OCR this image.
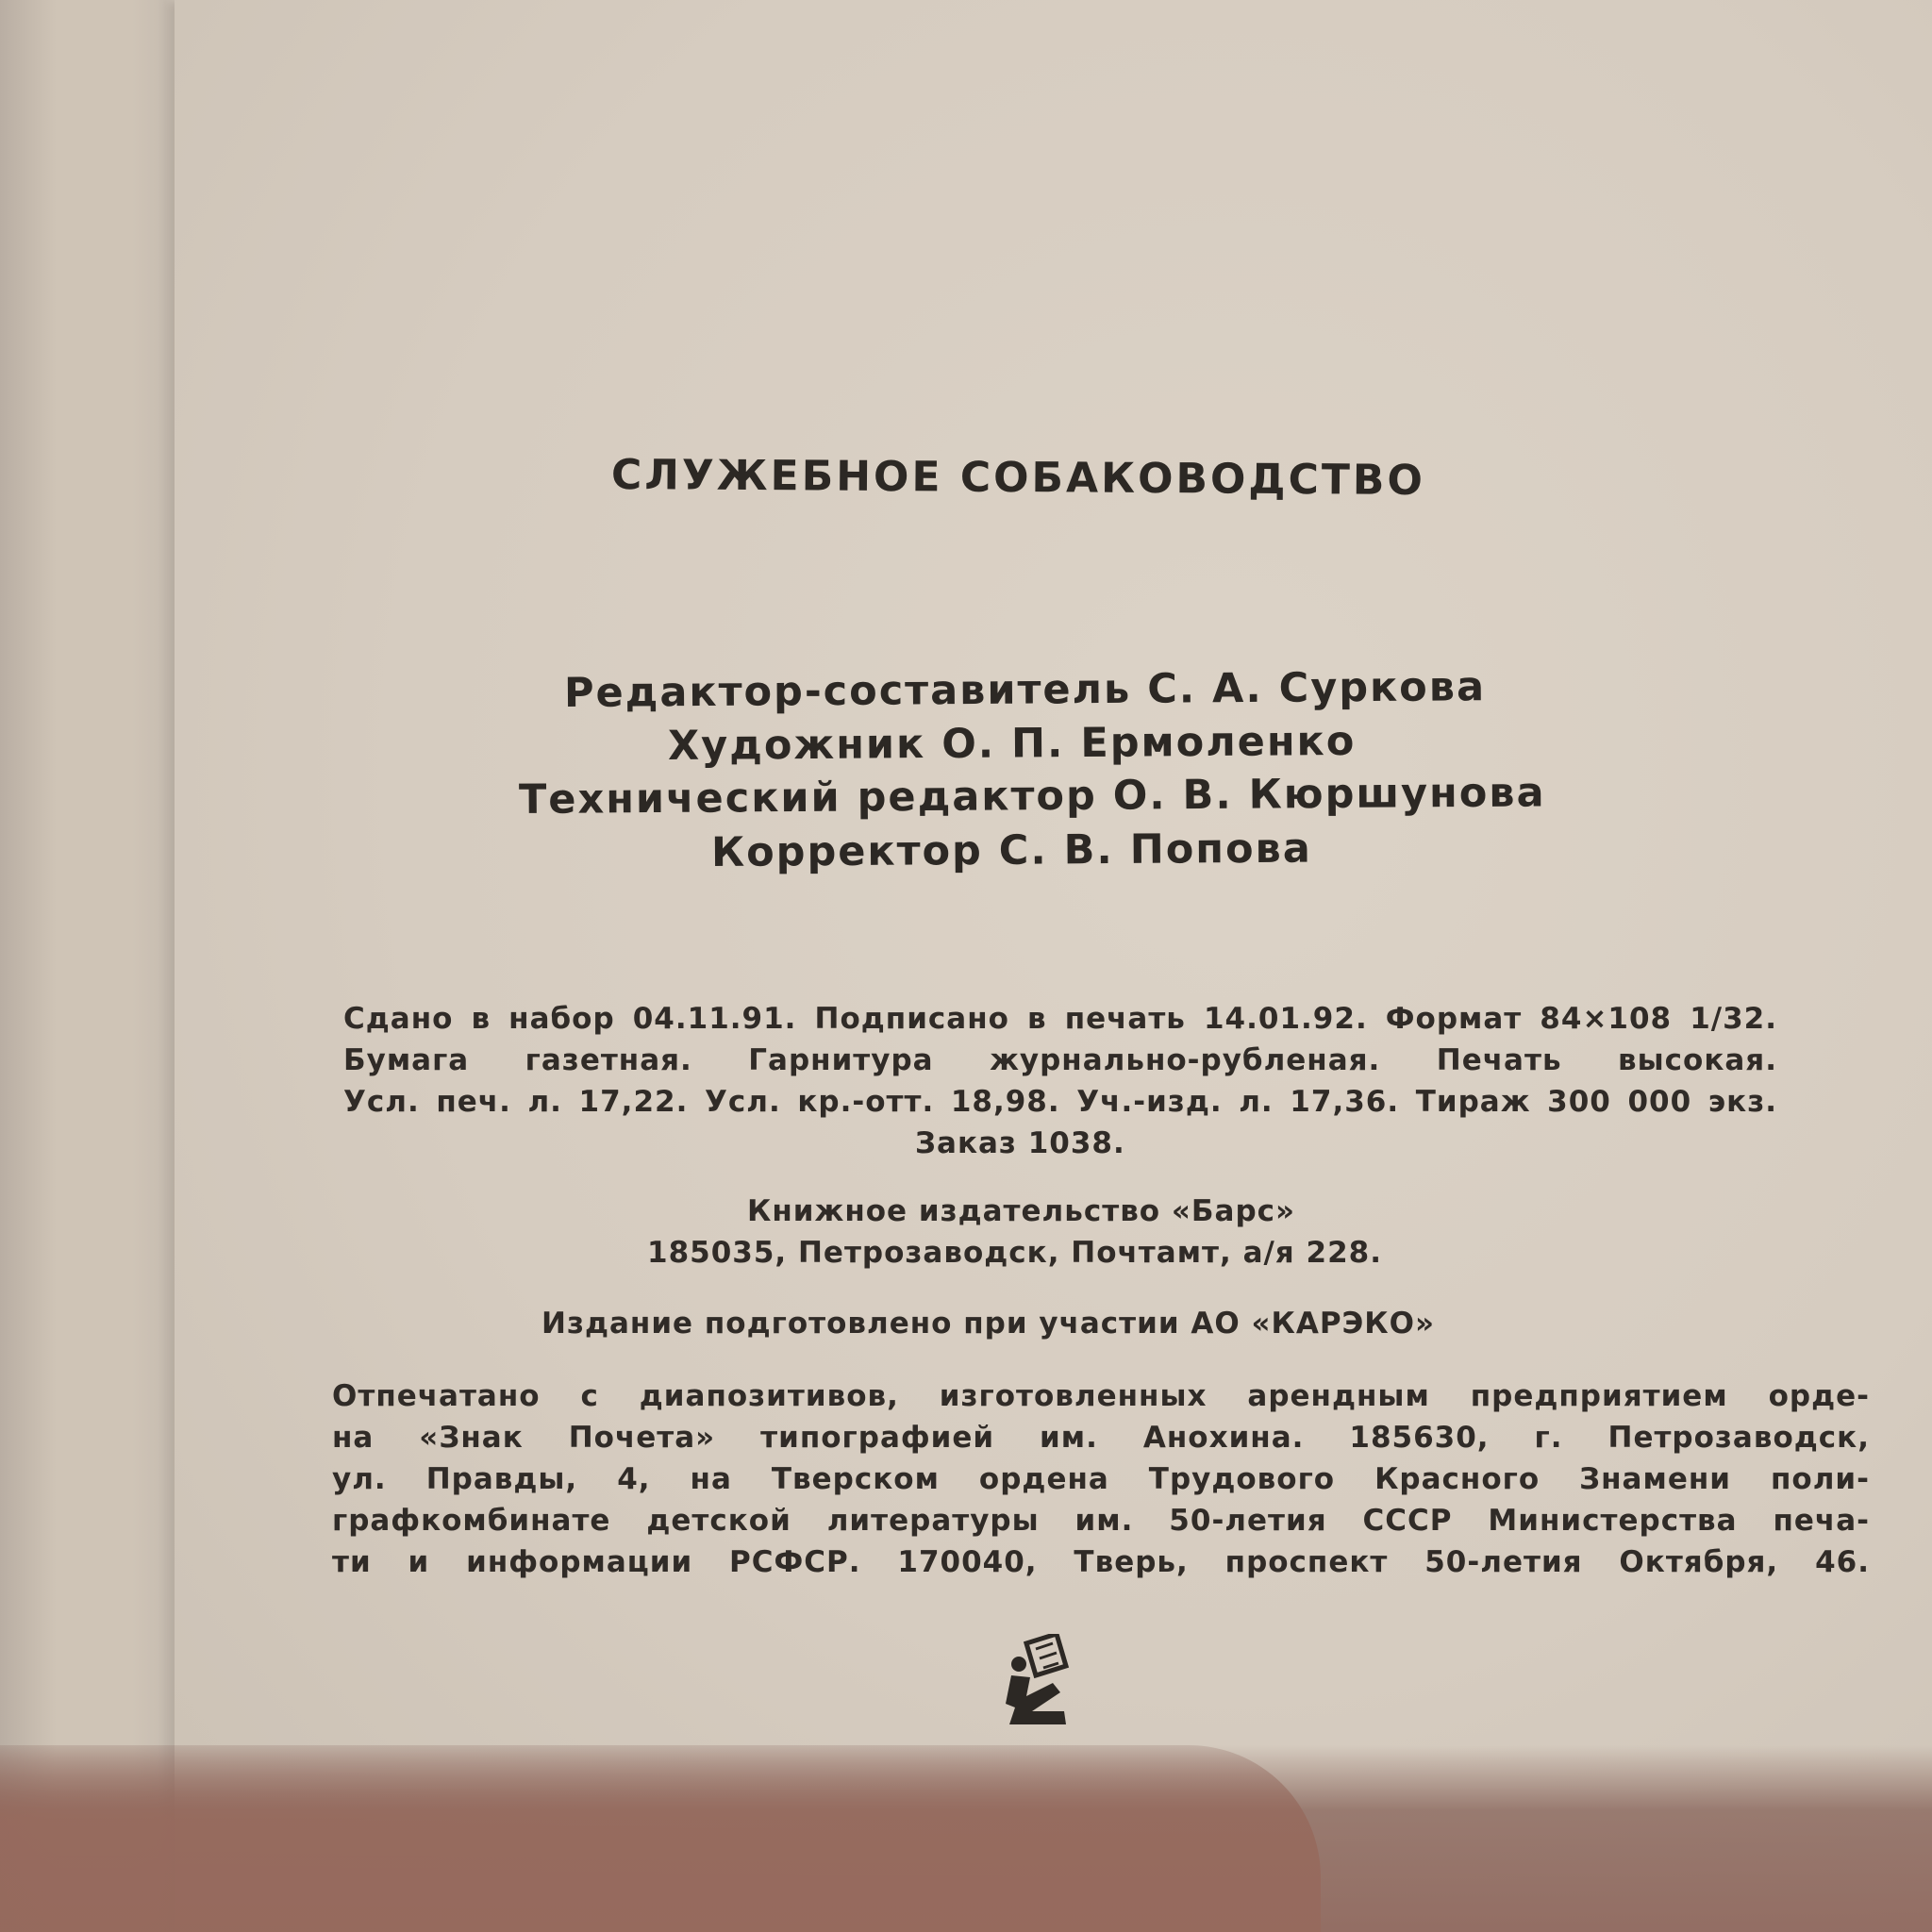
СЛУЖЕБНОЕ СОБАКОВОДСТВО

Редактор-составитель С. А. Суркова

Художник О. П. Ермоленко

Технический редактор О. В. Кюршунова

Корректор С. В. Попова

Сдано в набор 04.11.91. Подписано в печать 14.01.92. Формат 84×108 1/32.

Бумага газетная. Гарнитура журнально-рубленая. Печать высокая.

Усл. печ. л. 17,22. Усл. кр.-отт. 18,98. Уч.-изд. л. 17,36. Тираж 300 000 экз.

Заказ 1038.

Книжное издательство «Барс»

185035, Петрозаводск, Почтамт, а/я 228.

Издание подготовлено при участии АО «КАРЭКО»

Отпечатано с диапозитивов, изготовленных арендным предприятием орде-

на «Знак Почета» типографией им. Анохина. 185630, г. Петрозаводск,

ул. Правды, 4, на Тверском ордена Трудового Красного Знамени поли-

графкомбинате детской литературы им. 50-летия СССР Министерства печа-

ти и информации РСФСР. 170040, Тверь, проспект 50-летия Октября, 46.
